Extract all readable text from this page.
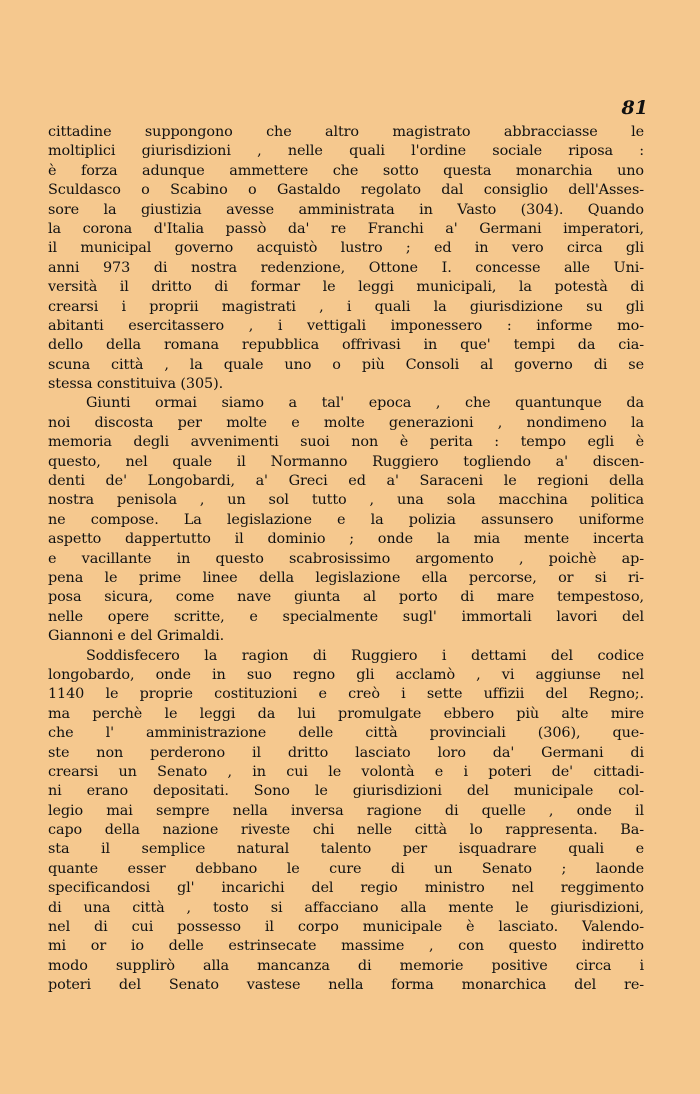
81
cittadine suppongono che altro magistrato abbracciasse le
moltiplici giurisdizioni , nelle quali l'ordine sociale riposa :
è forza adunque ammettere che sotto questa monarchia uno
Sculdasco o Scabino o Gastaldo regolato dal consiglio dell'Asses-
sore la giustizia avesse amministrata in Vasto (304). Quando
la corona d'Italia passò da' re Franchi a' Germani imperatori,
il municipal governo acquistò lustro ; ed in vero circa gli
anni 973 di nostra redenzione, Ottone I. concesse alle Uni-
versità il dritto di formar le leggi municipali, la potestà di
crearsi i proprii magistrati , i quali la giurisdizione su gli
abitanti esercitassero , i vettigali imponessero : informe mo-
dello della romana repubblica offrivasi in que' tempi da cia-
scuna città , la quale uno o più Consoli al governo di se
stessa constituiva (305).
Giunti ormai siamo a tal' epoca , che quantunque da
noi discosta per molte e molte generazioni , nondimeno la
memoria degli avvenimenti suoi non è perita : tempo egli è
questo, nel quale il Normanno Ruggiero togliendo a' discen-
denti de' Longobardi, a' Greci ed a' Saraceni le regioni della
nostra penisola , un sol tutto , una sola macchina politica
ne compose. La legislazione e la polizia assunsero uniforme
aspetto dappertutto il dominio ; onde la mia mente incerta
e vacillante in questo scabrosissimo argomento , poichè ap-
pena le prime linee della legislazione ella percorse, or si ri-
posa sicura, come nave giunta al porto di mare tempestoso,
nelle opere scritte, e specialmente sugl' immortali lavori del
Giannoni e del Grimaldi.
Soddisfecero la ragion di Ruggiero i dettami del codice
longobardo, onde in suo regno gli acclamò , vi aggiunse nel
1140 le proprie costituzioni e creò i sette uffizii del Regno;.
ma perchè le leggi da lui promulgate ebbero più alte mire
che l' amministrazione delle città provinciali (306), que-
ste non perderono il dritto lasciato loro da' Germani di
crearsi un Senato , in cui le volontà e i poteri de' cittadi-
ni erano depositati. Sono le giurisdizioni del municipale col-
legio mai sempre nella inversa ragione di quelle , onde il
capo della nazione riveste chi nelle città lo rappresenta. Ba-
sta il semplice natural talento per isquadrare quali e
quante esser debbano le cure di un Senato ; laonde
specificandosi gl' incarichi del regio ministro nel reggimento
di una città , tosto si affacciano alla mente le giurisdizioni,
nel di cui possesso il corpo municipale è lasciato. Valendo-
mi or io delle estrinsecate massime , con questo indiretto
modo supplirò alla mancanza di memorie positive circa i
poteri del Senato vastese nella forma monarchica del re-
